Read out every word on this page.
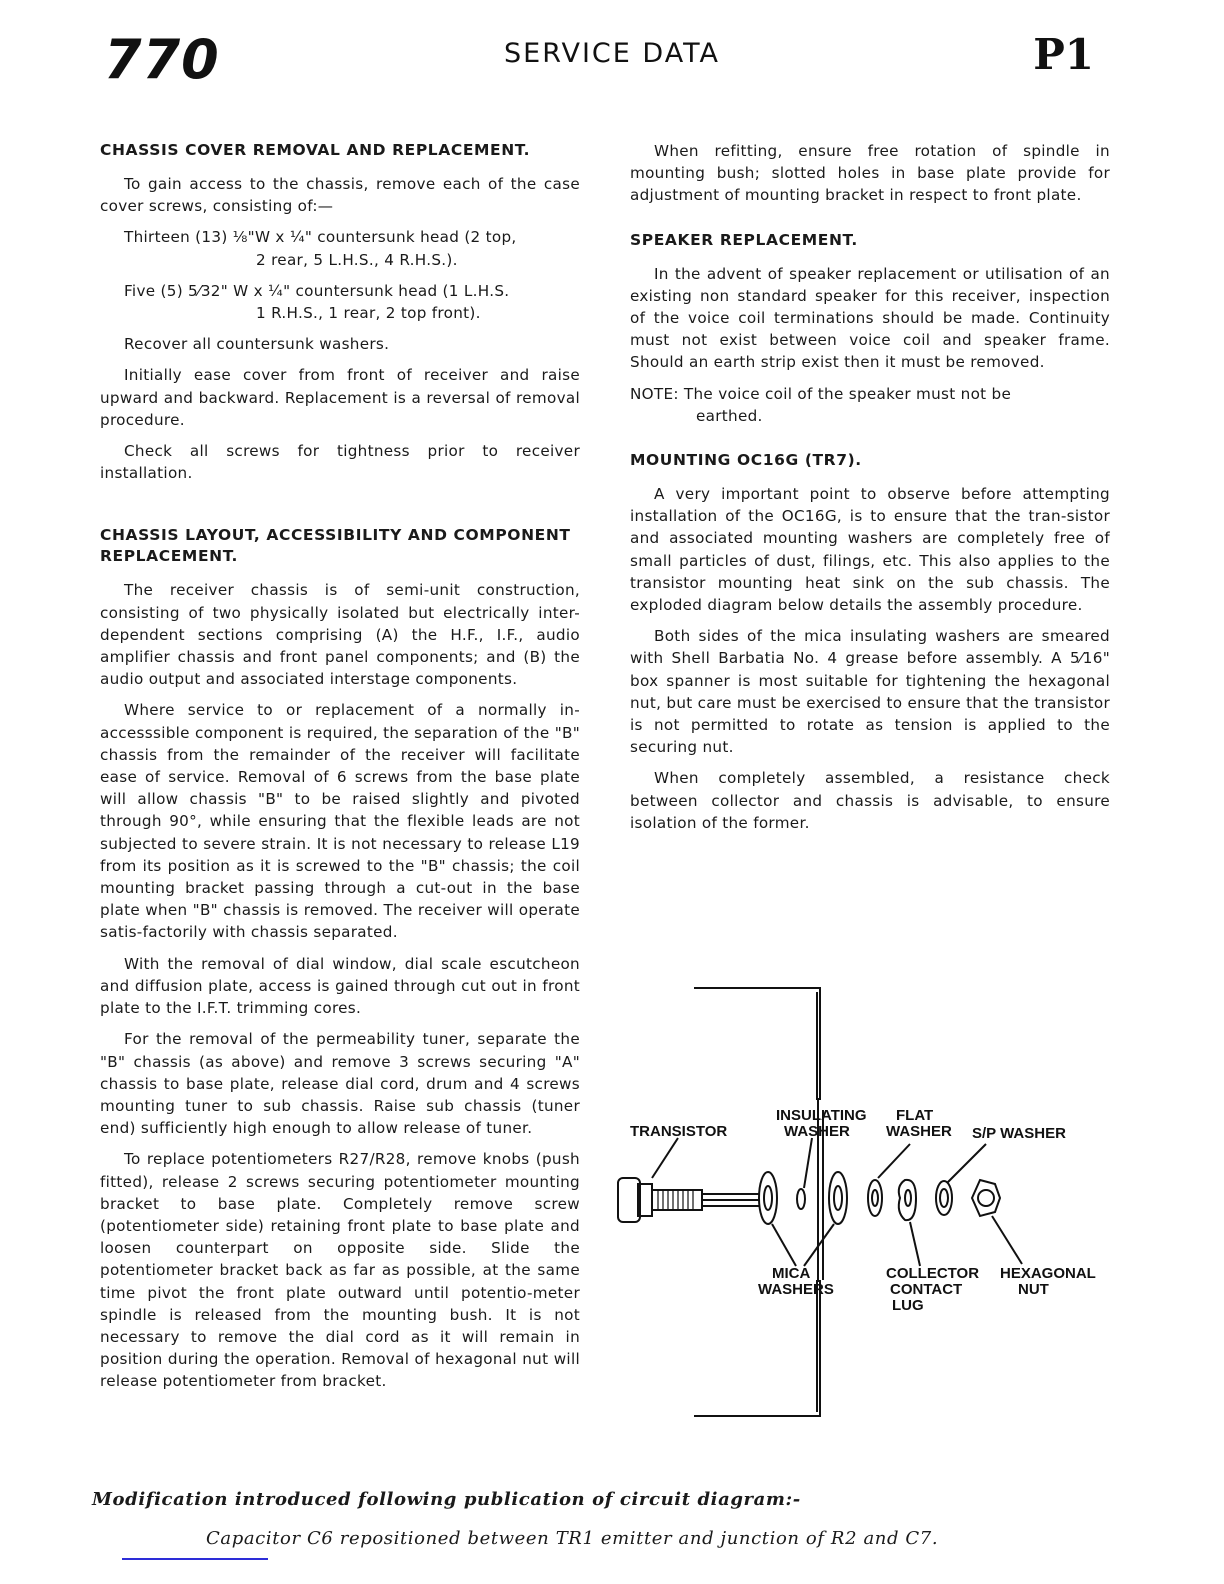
770	SERVICE DATA	P1
CHASSIS COVER REMOVAL AND REPLACEMENT.

To gain access to the chassis, remove each of the case cover screws, consisting of:—

Thirteen (13) ⅛"W x ¼" countersunk head (2 top,
2 rear, 5 L.H.S., 4 R.H.S.).
Five (5) 5⁄32" W x ¼" countersunk head (1 L.H.S.
1 R.H.S., 1 rear, 2 top front).

Recover all countersunk washers.

Initially ease cover from front of receiver and raise upward and backward. Replacement is a reversal of removal procedure.

Check all screws for tightness prior to receiver installation.

CHASSIS LAYOUT, ACCESSIBILITY AND COMPONENT REPLACEMENT.

The receiver chassis is of semi-unit construction, consisting of two physically isolated but electrically inter-dependent sections comprising (A) the H.F., I.F., audio amplifier chassis and front panel components; and (B) the audio output and associated interstage components.

Where service to or replacement of a normally in-accesssible component is required, the separation of the "B" chassis from the remainder of the receiver will facilitate ease of service. Removal of 6 screws from the base plate will allow chassis "B" to be raised slightly and pivoted through 90°, while ensuring that the flexible leads are not subjected to severe strain. It is not necessary to release L19 from its position as it is screwed to the "B" chassis; the coil mounting bracket passing through a cut-out in the base plate when "B" chassis is removed. The receiver will operate satis-factorily with chassis separated.

With the removal of dial window, dial scale escutcheon and diffusion plate, access is gained through cut out in front plate to the I.F.T. trimming cores.

For the removal of the permeability tuner, separate the "B" chassis (as above) and remove 3 screws securing "A" chassis to base plate, release dial cord, drum and 4 screws mounting tuner to sub chassis. Raise sub chassis (tuner end) sufficiently high enough to allow release of tuner.

To replace potentiometers R27/R28, remove knobs (push fitted), release 2 screws securing potentiometer mounting bracket to base plate. Completely remove screw (potentiometer side) retaining front plate to base plate and loosen counterpart on opposite side. Slide the potentiometer bracket back as far as possible, at the same time pivot the front plate outward until potentio-meter spindle is released from the mounting bush. It is not necessary to remove the dial cord as it will remain in position during the operation. Removal of hexagonal nut will release potentiometer from bracket.

When refitting, ensure free rotation of spindle in mounting bush; slotted holes in base plate provide for adjustment of mounting bracket in respect to front plate.

SPEAKER REPLACEMENT.

In the advent of speaker replacement or utilisation of an existing non standard speaker for this receiver, inspection of the voice coil terminations should be made. Continuity must not exist between voice coil and speaker frame. Should an earth strip exist then it must be removed.

NOTE: The voice coil of the speaker must not be
earthed.
MOUNTING OC16G (TR7).

A very important point to observe before attempting installation of the OC16G, is to ensure that the tran-sistor and associated mounting washers are completely free of small particles of dust, filings, etc. This also applies to the transistor mounting heat sink on the sub chassis. The exploded diagram below details the assembly procedure.

Both sides of the mica insulating washers are smeared with Shell Barbatia No. 4 grease before assembly. A 5⁄16" box spanner is most suitable for tightening the hexagonal nut, but care must be exercised to ensure that the transistor is not permitted to rotate as tension is applied to the securing nut.

When completely assembled, a resistance check between collector and chassis is advisable, to ensure isolation of the former.

TRANSISTOR
INSULATING
WASHER
FLAT
WASHER S/P WASHER
MICA
WASHERS
COLLECTOR
CONTACT
LUG
HEXAGONAL
NUT
Modification introduced following publication of circuit diagram:-
Capacitor C6 repositioned between TR1 emitter and junction of R2 and C7.
